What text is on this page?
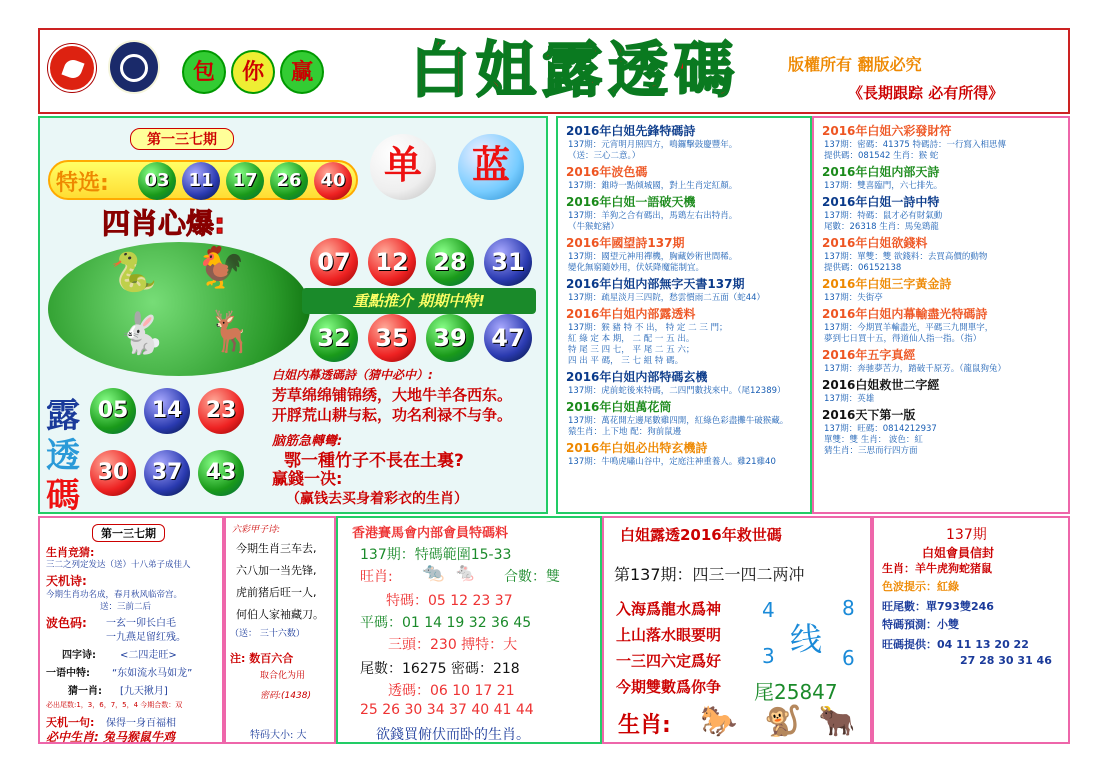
包 你 赢 白姐露透碼	版權所有 翻版必究
《長期跟踪 必有所得》
第一三七期
特选:	03	11	17	26	40	单	蓝
四肖心爆:
🐍 🐓
🐇 🦌
07	12	28	31
重點推介 期期中特!
32	35	39	47
露
透
碼
05	14	23
30	37	43
白姐内幕透碼詩（猜中必中）:
芳草绵绵铺锦绣，大地牛羊各西东。
开脬荒山耕与耘，功名利禄不与争。
脑筋急轉彎:
鄂一種竹子不長在土裏?
赢錢一决:
（赢钱去买身着彩衣的生肖）
2016年白姐先鋒特碼詩
137期：元宵明月照四方，鳴鑼擊鼓慶豐年。
（送：三心二意。）
2016年波色碼
137期：錐時一點倾城國，對上生肖定紅顏。
2016年白姐一語破天機
137期：羊狗之合有碼出，馬鶏左右出特肖。
（牛猴蛇豬）
2016年國望詩137期
137期：國望元神用禪機，胸藏妙術世間稀。
變化無窮隨妙用，伏妖降魔能制宜。
2016年白姐内部無字天書137期
137期：疏星淡月三四院，愁雲慣雨二五面（蛇44）
2016年白姐内部露透料
137期：猴 豬 特 不 出， 特 定 二 三 門；
紅 綠 定 本 期， 二 配 一 五 出。
特 尾 三 四 七， 平 尾 二 五 六；
四 出 平 碼， 三 七 組 特 碼。
2016年白姐内部特碼玄機
137期：虎前蛇後來特碼，二四門數找來中。（尾12389）
2016年白姐萬花筒
137期：萬花開左邊尾數雞四開，紅綠色彩盡攤牛破猴藏。
猿生肖：上下地 配：狗前鼠邊
2016年白姐必出特玄機詩
137期：牛鳴虎嘯山谷中，定庭注神重養人。雞21雞40
2016年白姐六彩發財符
137期：密碼：41375 特碼詩：一行寫入相思傳
提供碼：081542 生肖：猴 蛇
2016年白姐内部天詩
137期：雙喜臨門，六七排先。
2016年白姐一詩中特
137期：特碼：鼠才必有財氣動
尾數：26318 生肖：馬兔鶏龍
2016年白姐欲錢料
137期：單雙：雙 欲錢料：去買高價的動物
提供碼：06152138
2016年白姐三字黃金詩
137期：失街亭
2016年白姐内幕輸盡光特碼詩
137期：今期買羊輸盡光，平碼三九開單字，
夢到七日買十五，得道仙人指一指。（指）
2016年五字真經
137期：奔驰夢苦力，踏破千原芳。（龍鼠狗兔）
2016白姐救世二字經
137期：英雄
2016天下第一版
137期：旺碼：0814212937
單雙：雙 生肖： 波色：紅
猜生肖：三思而行四方面
第一三七期
生肖竞猜:
三二之列定发达（送）十八弟子成佳人
天机诗:
今期生肖功名成，春月秋风临帝宫。
送：三前二后
波色码: 一玄一卯长白毛
一九燕足留红残。
四字诗: <二四走旺>
一语中特: “东如流水马如龙”
猜一肖: [九天揪月]
必出尾数:1，3，6，7，5，4 今期合数：双
天机一句: 保得一身百福相
必中生肖: 兔马猴鼠牛鸡
六彩甲子诗:
今期生肖三车去,
六八加一当先锋,
虎前猪后旺一人,
何伯人家袖藏刀。
（送： 三十六数）
注: 数百六合
取合化为用
密码:(1438)
特码大小: 大
香港賽馬會内部會員特碼料
137期：特碼範圍15-33
旺肖: 🐀 🐁 合數：雙
特碼：05 12 23 37
平碼：01 14 19 32 36 45
三頭：230 搏特：大
尾數：16275 密碼：218
透碼：06 10 17 21
25 26 30 34 37 40 41 44
欲錢買俯伏而卧的生肖。
白姐露透2016年救世碼
第137期：四三一四二两冲
入海爲龍水爲神
上山落水眼要明
一三四六定爲好
今期雙數爲你争
4	8
3	6
线
尾25847
生肖: 🐎 🐒 🐂
137期
白姐會員信封
生肖：羊牛虎狗蛇猪鼠
色波提示：紅綠
旺尾數：單793雙246
特碼預測：小雙
旺碼提供：04 11 13 20 22
27 28 30 31 46
